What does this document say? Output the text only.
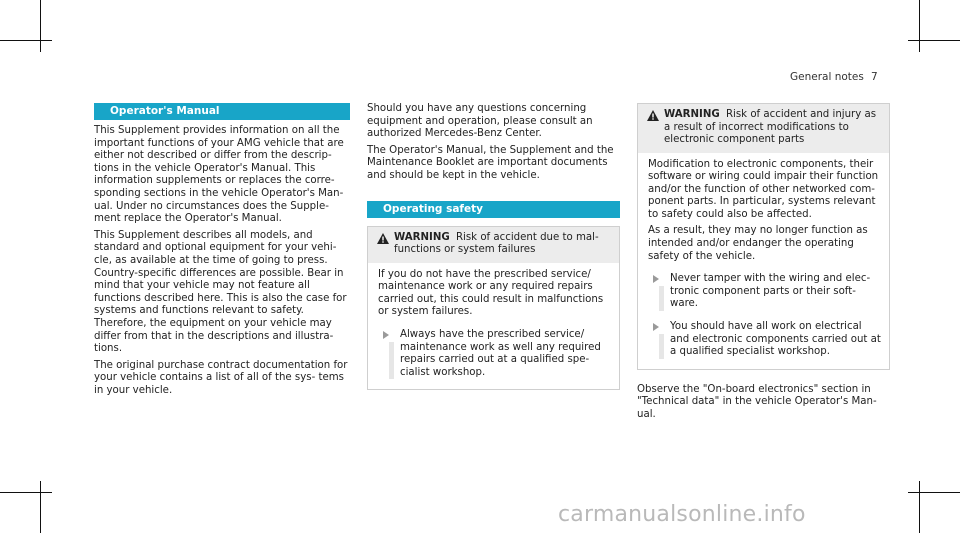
General notes 7
Operator's Manual

This Supplement provides information on all the important functions of your AMG vehicle that are either not described or differ from the descrip- tions in the vehicle Operator's Manual. This information supplements or replaces the corre- sponding sections in the vehicle Operator's Man- ual. Under no circumstances does the Supple- ment replace the Operator's Manual.

This Supplement describes all models, and standard and optional equipment for your vehi- cle, as available at the time of going to press. Country-specific differences are possible. Bear in mind that your vehicle may not feature all functions described here. This is also the case for systems and functions relevant to safety. Therefore, the equipment on your vehicle may differ from that in the descriptions and illustra- tions.

The original purchase contract documentation for your vehicle contains a list of all of the sys- tems in your vehicle.

Should you have any questions concerning equipment and operation, please consult an authorized Mercedes-Benz Center.

The Operator's Manual, the Supplement and the Maintenance Booklet are important documents and should be kept in the vehicle.

Operating safety
WARNING Risk of accident due to mal- functions or system failures

If you do not have the prescribed service/ maintenance work or any required repairs carried out, this could result in malfunctions or system failures.

Always have the prescribed service/ maintenance work as well any required repairs carried out at a qualified spe- cialist workshop.
WARNING Risk of accident and injury as a result of incorrect modifications to electronic component parts

Modification to electronic components, their software or wiring could impair their function and/or the function of other networked com- ponent parts. In particular, systems relevant to safety could also be affected.

As a result, they may no longer function as intended and/or endanger the operating safety of the vehicle.

Never tamper with the wiring and elec- tronic component parts or their soft- ware.
You should have all work on electrical and electronic components carried out at a qualified specialist workshop.

Observe the "On-board electronics" section in "Technical data" in the vehicle Operator's Man- ual.

carmanualsonline.info
